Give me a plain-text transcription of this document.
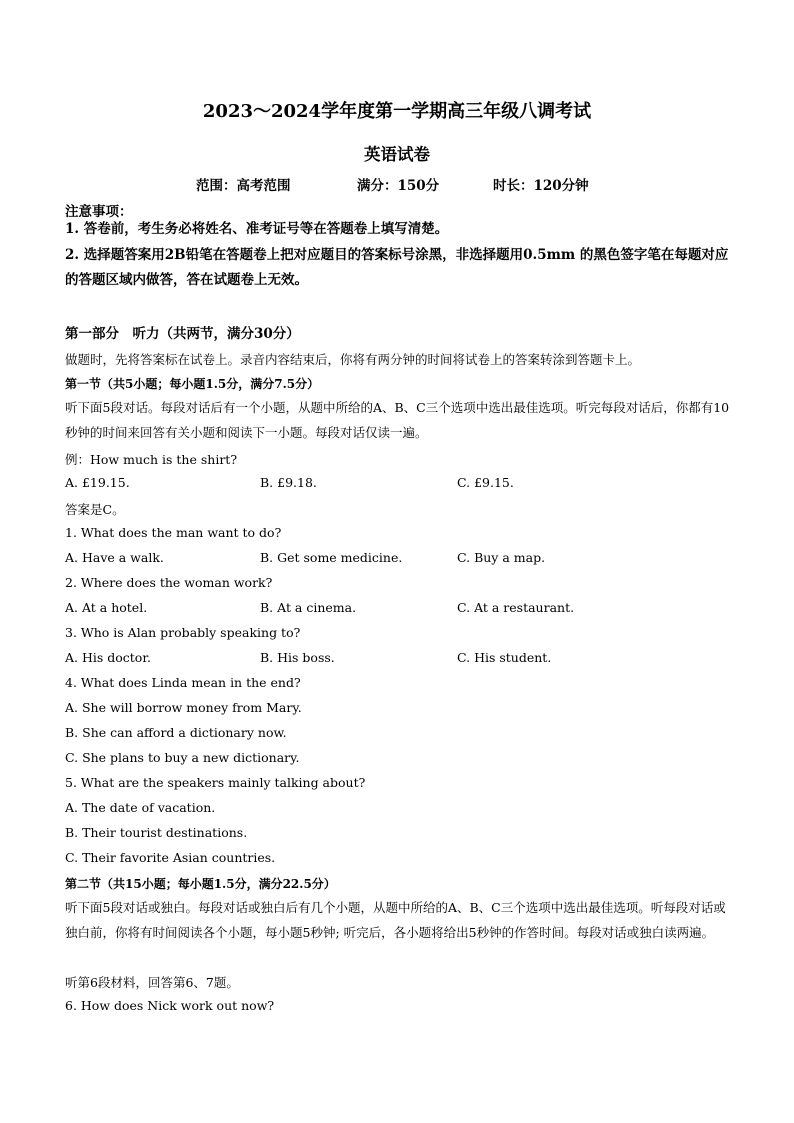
2023～2024学年度第一学期高三年级八调考试
英语试卷
范围：高考范围	满分：150分	时长：120分钟
注意事项：
1. 答卷前，考生务必将姓名、准考证号等在答题卷上填写清楚。
2. 选择题答案用2B铅笔在答题卷上把对应题目的答案标号涂黑，非选择题用0.5mm 的黑色签字笔在每题对应的答题区域内做答，答在试题卷上无效。
第一部分　听力（共两节，满分30分）
做题时，先将答案标在试卷上。录音内容结束后，你将有两分钟的时间将试卷上的答案转涂到答题卡上。
第一节（共5小题；每小题1.5分，满分7.5分）
听下面5段对话。每段对话后有一个小题，从题中所给的A、B、C三个选项中选出最佳选项。听完每段对话后，你都有10秒钟的时间来回答有关小题和阅读下一小题。每段对话仅读一遍。
例：How much is the shirt?
A. £19.15.	B. £9.18.	C. £9.15.
答案是C。
1. What does the man want to do?
A. Have a walk.	B. Get some medicine.	C. Buy a map.
2. Where does the woman work?
A. At a hotel.	B. At a cinema.	C. At a restaurant.
3. Who is Alan probably speaking to?
A. His doctor.	B. His boss.	C. His student.
4. What does Linda mean in the end?
A. She will borrow money from Mary.
B. She can afford a dictionary now.
C. She plans to buy a new dictionary.
5. What are the speakers mainly talking about?
A. The date of vacation.
B. Their tourist destinations.
C. Their favorite Asian countries.
第二节（共15小题；每小题1.5分，满分22.5分）
听下面5段对话或独白。每段对话或独白后有几个小题，从题中所给的A、B、C三个选项中选出最佳选项。听每段对话或独白前，你将有时间阅读各个小题，每小题5秒钟; 听完后，各小题将给出5秒钟的作答时间。每段对话或独白读两遍。
听第6段材料，回答第6、7题。
6. How does Nick work out now?
